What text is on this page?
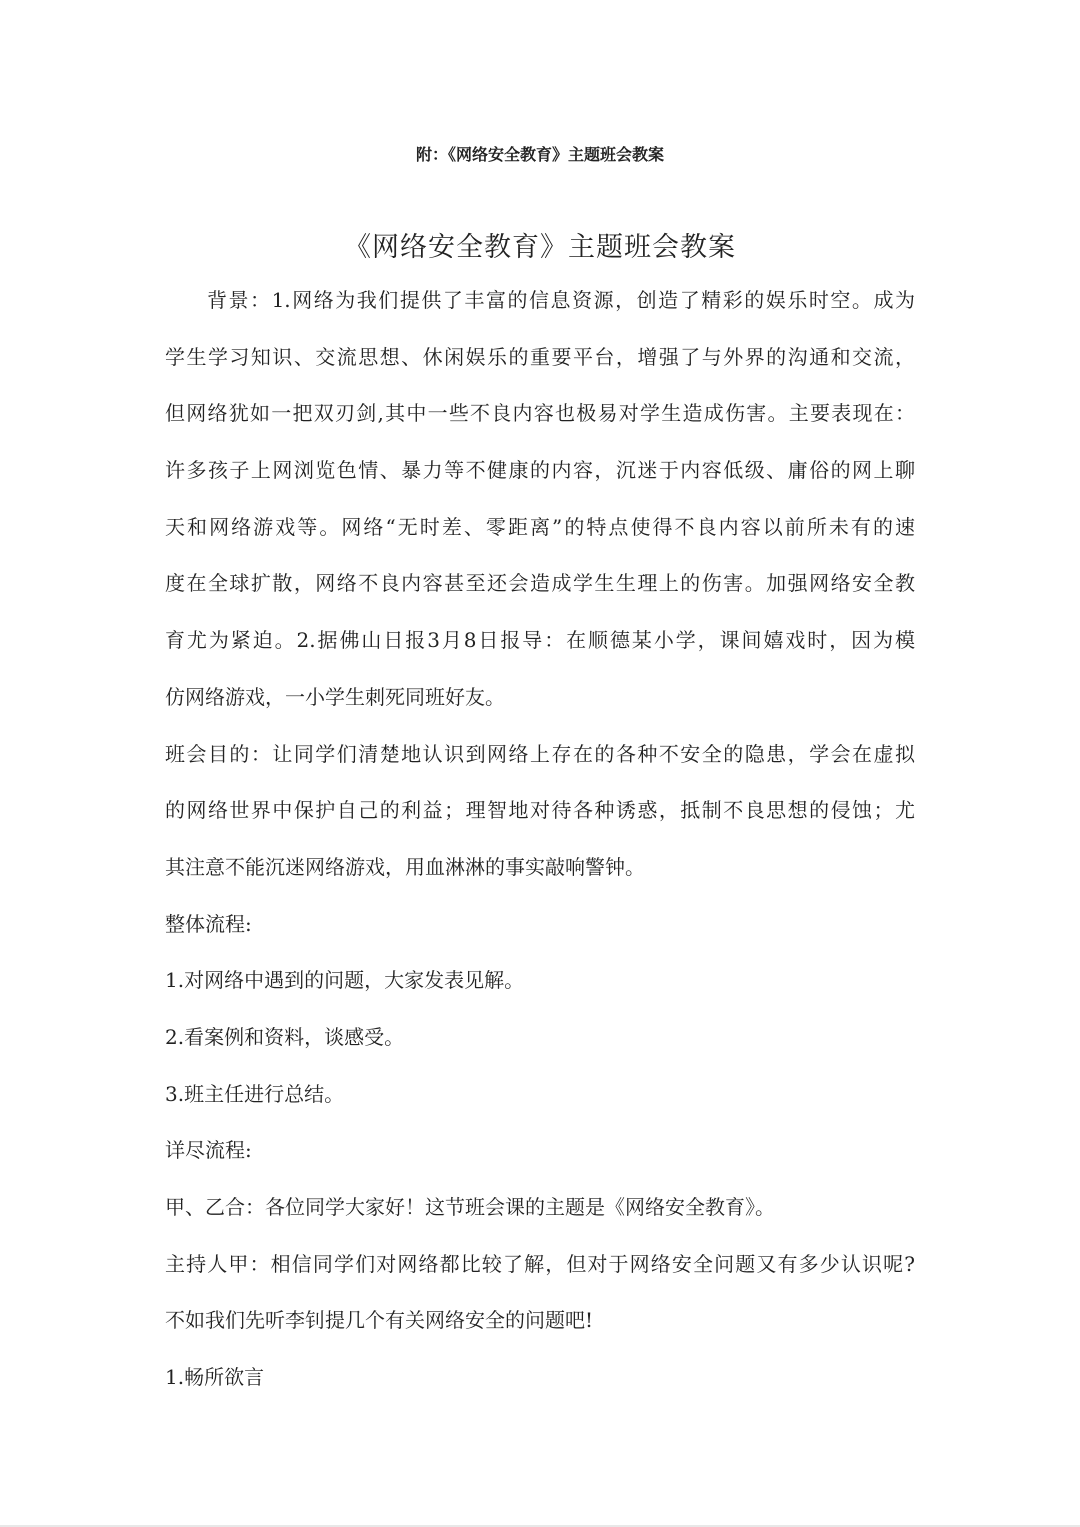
附：《网络安全教育》主题班会教案
《网络安全教育》主题班会教案
背景：1.网络为我们提供了丰富的信息资源，创造了精彩的娱乐时空。成为
学生学习知识、交流思想、休闲娱乐的重要平台，增强了与外界的沟通和交流，
但网络犹如一把双刃剑,其中一些不良内容也极易对学生造成伤害。主要表现在：
许多孩子上网浏览色情、暴力等不健康的内容，沉迷于内容低级、庸俗的网上聊
天和网络游戏等。网络“无时差、零距离”的特点使得不良内容以前所未有的速
度在全球扩散，网络不良内容甚至还会造成学生生理上的伤害。加强网络安全教
育尤为紧迫。2.据佛山日报3月8日报导：在顺德某小学，课间嬉戏时，因为模
仿网络游戏，一小学生刺死同班好友。
班会目的：让同学们清楚地认识到网络上存在的各种不安全的隐患，学会在虚拟
的网络世界中保护自己的利益；理智地对待各种诱惑，抵制不良思想的侵蚀；尤
其注意不能沉迷网络游戏，用血淋淋的事实敲响警钟。
整体流程:
1.对网络中遇到的问题，大家发表见解。
2.看案例和资料，谈感受。
3.班主任进行总结。
详尽流程:
甲、乙合：各位同学大家好！这节班会课的主题是《网络安全教育》。
主持人甲：相信同学们对网络都比较了解，但对于网络安全问题又有多少认识呢?
不如我们先听李钊提几个有关网络安全的问题吧!
1.畅所欲言
